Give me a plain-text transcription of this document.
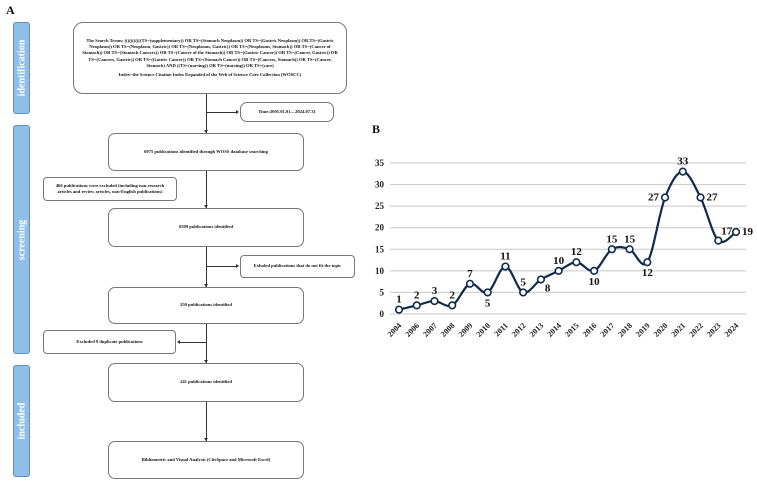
A
B
identification
screening
included
The Search Terms: (((((((((((TS=(supplementary)) OR TS=(Stomach Neoplasm)) OR TS=(Gastric Neoplasm)) OR TS=(Gastric Neoplasm)) OR TS=(Neoplasm, Gastric)) OR TS=(Neoplasms, Gastric)) OR TS=(Neoplasms, Stomach)) OR TS=(Cancer of Stomach)) OR TS=(Stomach Cancers)) OR TS=(Cancer of the Stomach)) OR TS=(Gastric Cancer)) OR TS=(Cancer, Gastric)) OR TS=(Cancers, Gastric)) OR TS=(Gastric Cancer)) OR TS=(Stomach Cancer)) OR TS=(Cancers, Stomach)) OR TS=(Cancer, Stomach) AND ((TS=(nursing)) OR TS=(nursing)) OR TS=(care)
Index=the Science Citation Index Expanded of the Web of Science Core Collection (WOSCC)
Time:2005.01.01—2024.07.31
6975 publications identified through WOSS database searching
466 publications were excluded (including non research articles and review articles, non-English publications)
6509 publications identified
Exluded publications that do not fit the topic
250 publications identified
Excluded 9 duplicate publications
241 publications identified
Bibliometric and Visual Analysis (CiteSpace and Microsoft Excel)
0
5
10
15
20
25
30
35
2004 2006 2007 2008 2009 2010 2011 2012 2013 2014 2015 2016 2017 2018 2019 2020 2021 2022 2023 2024
1 2 3 2
7
5
11
5
8
10
12
10
15 15
12
27
33
27
17 19
